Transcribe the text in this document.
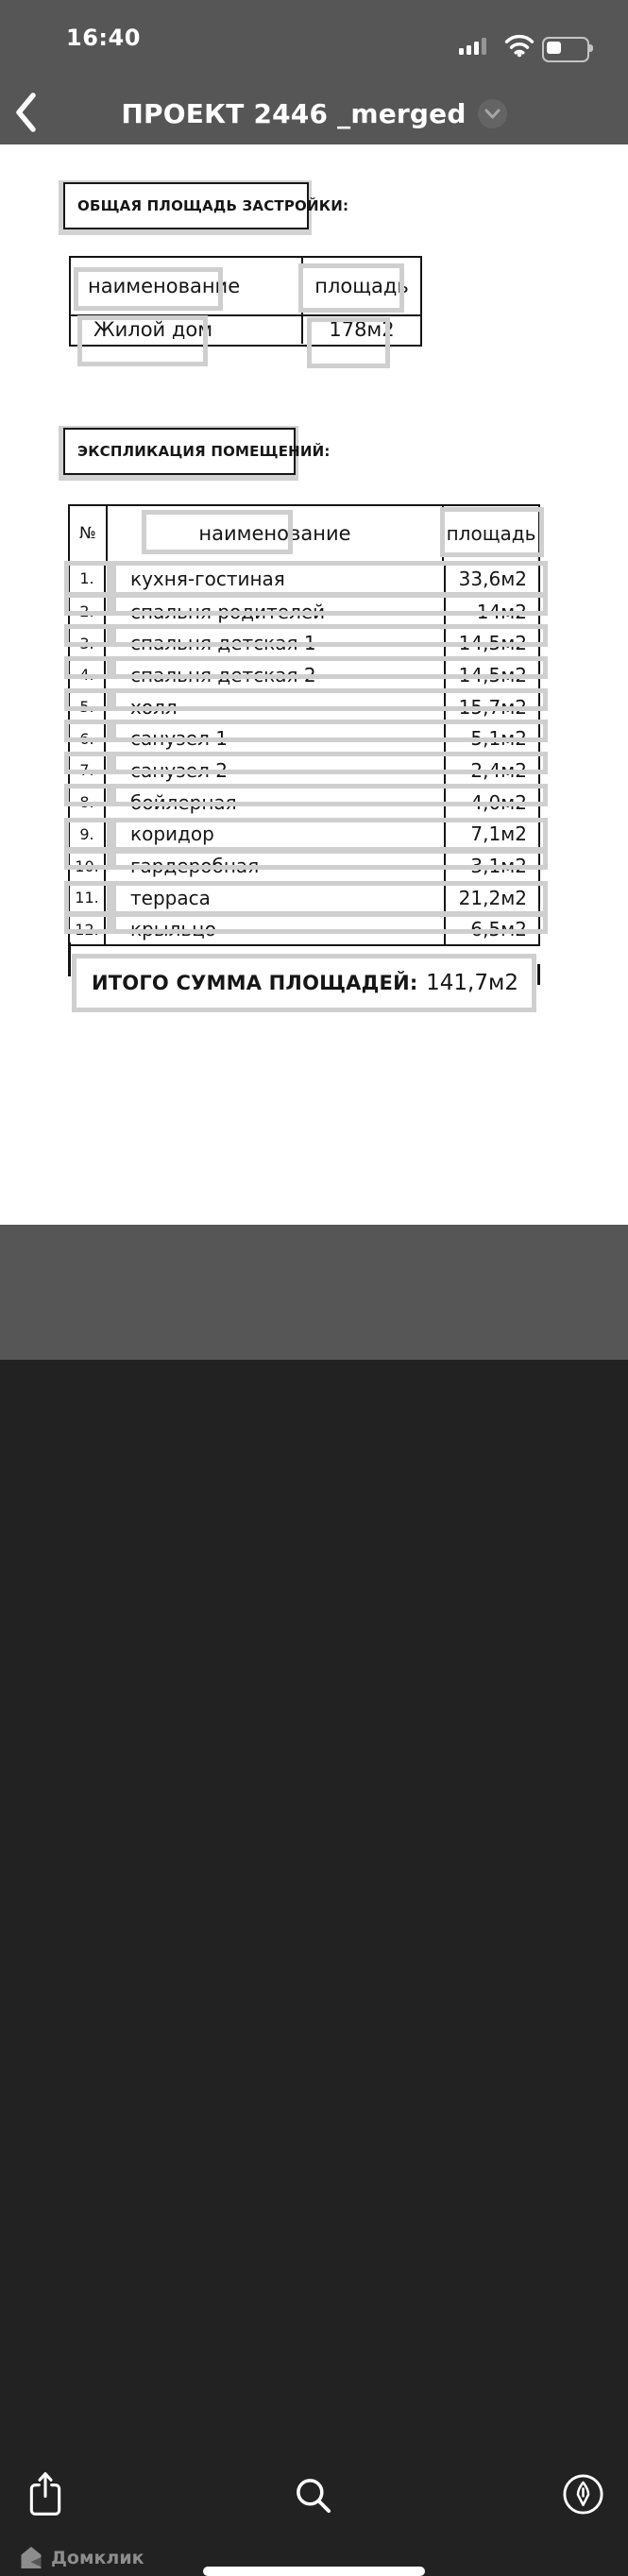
16:40
ПРОЕКТ 2446 _merged
ОБЩАЯ ПЛОЩАДЬ ЗАСТРОЙКИ:
наименование	площадь
Жилой дом	178м2
ЭКСПЛИКАЦИЯ ПОМЕЩЕНИЙ:
№	наименование	площадь
1.	кухня-гостиная	33,6м2
2.	спальня родителей	14м2
3.	спальня детская 1	14,5м2
4.	спальня детская 2	14,5м2
5.	холл	15,7м2
6.	санузел 1	5,1м2
7.	санузел 2	2,4м2
8.	бойлерная	4,0м2
9.	коридор	7,1м2
10.	гардеробная	3,1м2
11.	терраса	21,2м2
12.	крыльцо	6,5м2
ИТОГО СУММА ПЛОЩАДЕЙ: 141,7м2
Домклик
